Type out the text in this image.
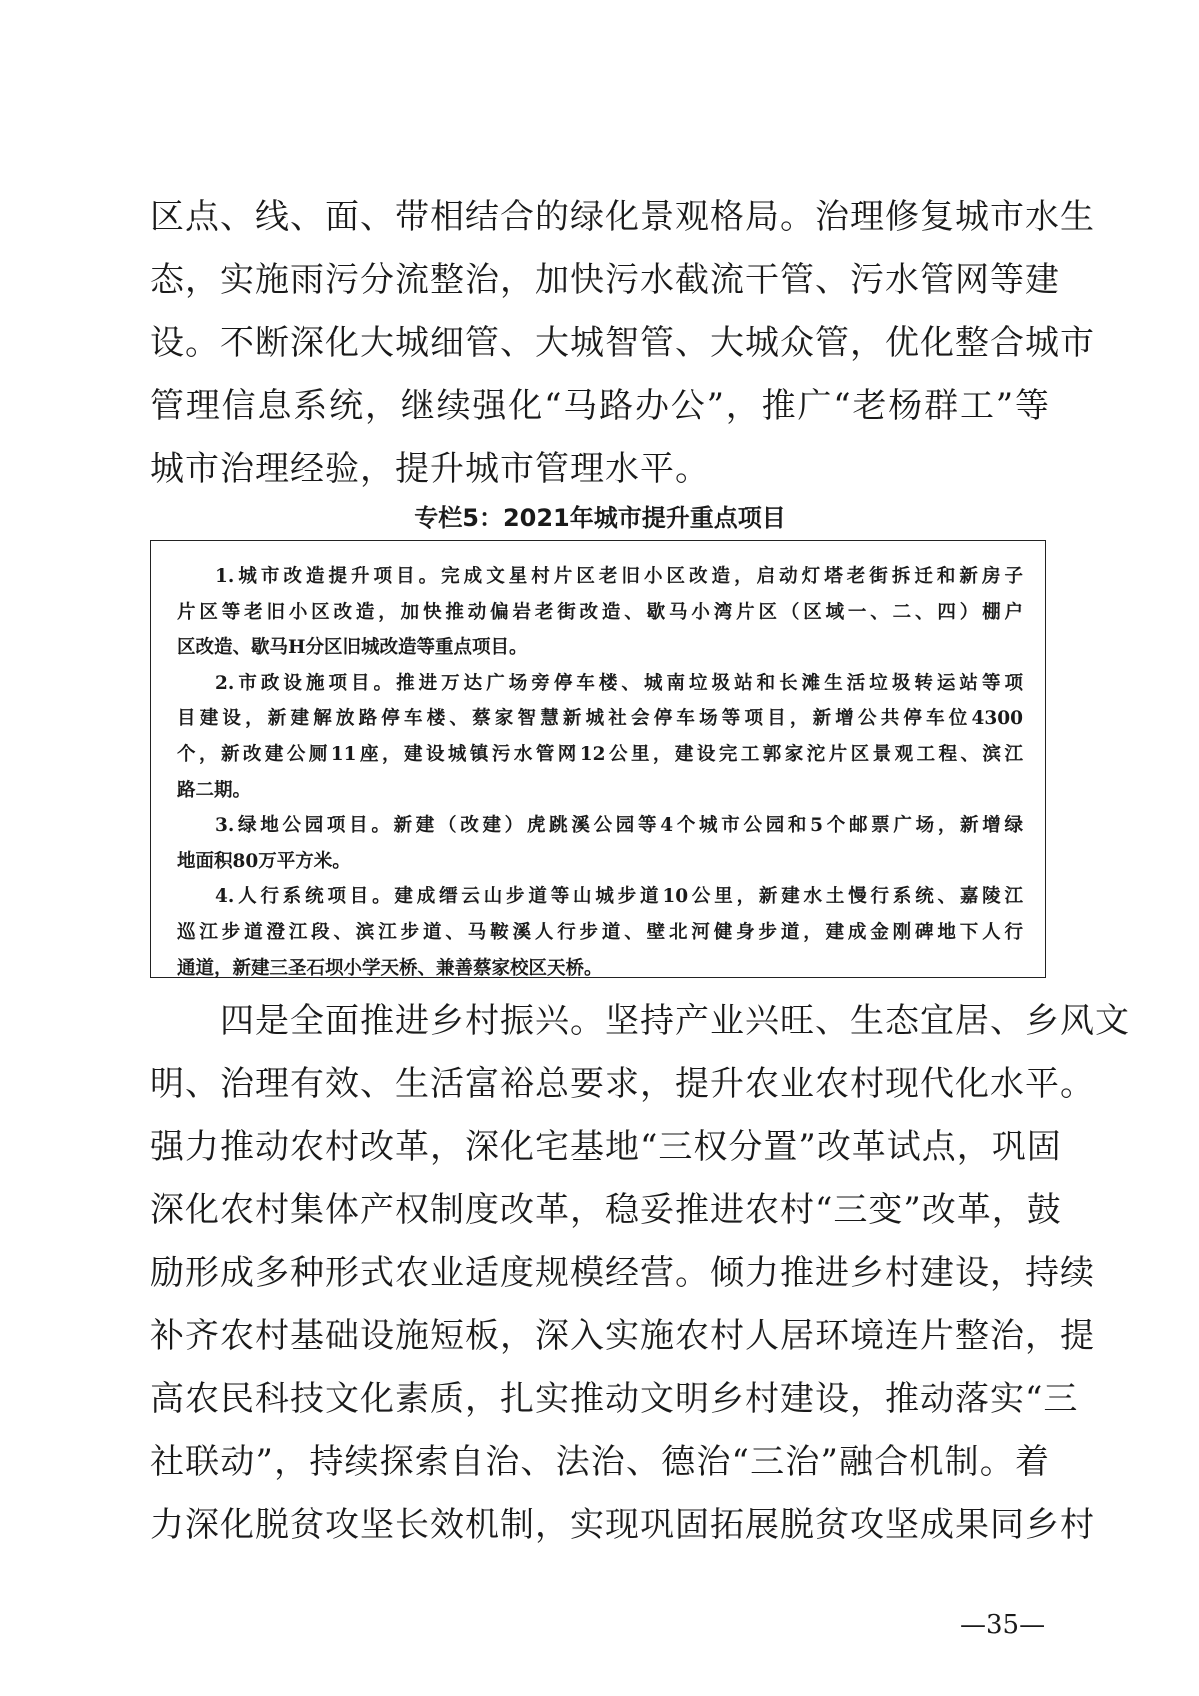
区点、线、面、带相结合的绿化景观格局。治理修复城市水生
态，实施雨污分流整治，加快污水截流干管、污水管网等建
设。不断深化大城细管、大城智管、大城众管，优化整合城市
管理信息系统，继续强化“马路办公”，推广“老杨群工”等
城市治理经验，提升城市管理水平。
专栏5：2021年城市提升重点项目
1.城市改造提升项目。完成文星村片区老旧小区改造，启动灯塔老街拆迁和新房子
片区等老旧小区改造，加快推动偏岩老街改造、歇马小湾片区（区域一、二、四）棚户
区改造、歇马H分区旧城改造等重点项目。
2.市政设施项目。推进万达广场旁停车楼、城南垃圾站和长滩生活垃圾转运站等项
目建设，新建解放路停车楼、蔡家智慧新城社会停车场等项目，新增公共停车位4300
个，新改建公厕11座，建设城镇污水管网12公里，建设完工郭家沱片区景观工程、滨江
路二期。
3.绿地公园项目。新建（改建）虎跳溪公园等4个城市公园和5个邮票广场，新增绿
地面积80万平方米。
4.人行系统项目。建成缙云山步道等山城步道10公里，新建水土慢行系统、嘉陵江
巡江步道澄江段、滨江步道、马鞍溪人行步道、壁北河健身步道，建成金刚碑地下人行
通道，新建三圣石坝小学天桥、兼善蔡家校区天桥。
四是全面推进乡村振兴。坚持产业兴旺、生态宜居、乡风文
明、治理有效、生活富裕总要求，提升农业农村现代化水平。
强力推动农村改革，深化宅基地“三权分置”改革试点，巩固
深化农村集体产权制度改革，稳妥推进农村“三变”改革，鼓
励形成多种形式农业适度规模经营。倾力推进乡村建设，持续
补齐农村基础设施短板，深入实施农村人居环境连片整治，提
高农民科技文化素质，扎实推动文明乡村建设，推动落实“三
社联动”，持续探索自治、法治、德治“三治”融合机制。着
力深化脱贫攻坚长效机制，实现巩固拓展脱贫攻坚成果同乡村
—35—
